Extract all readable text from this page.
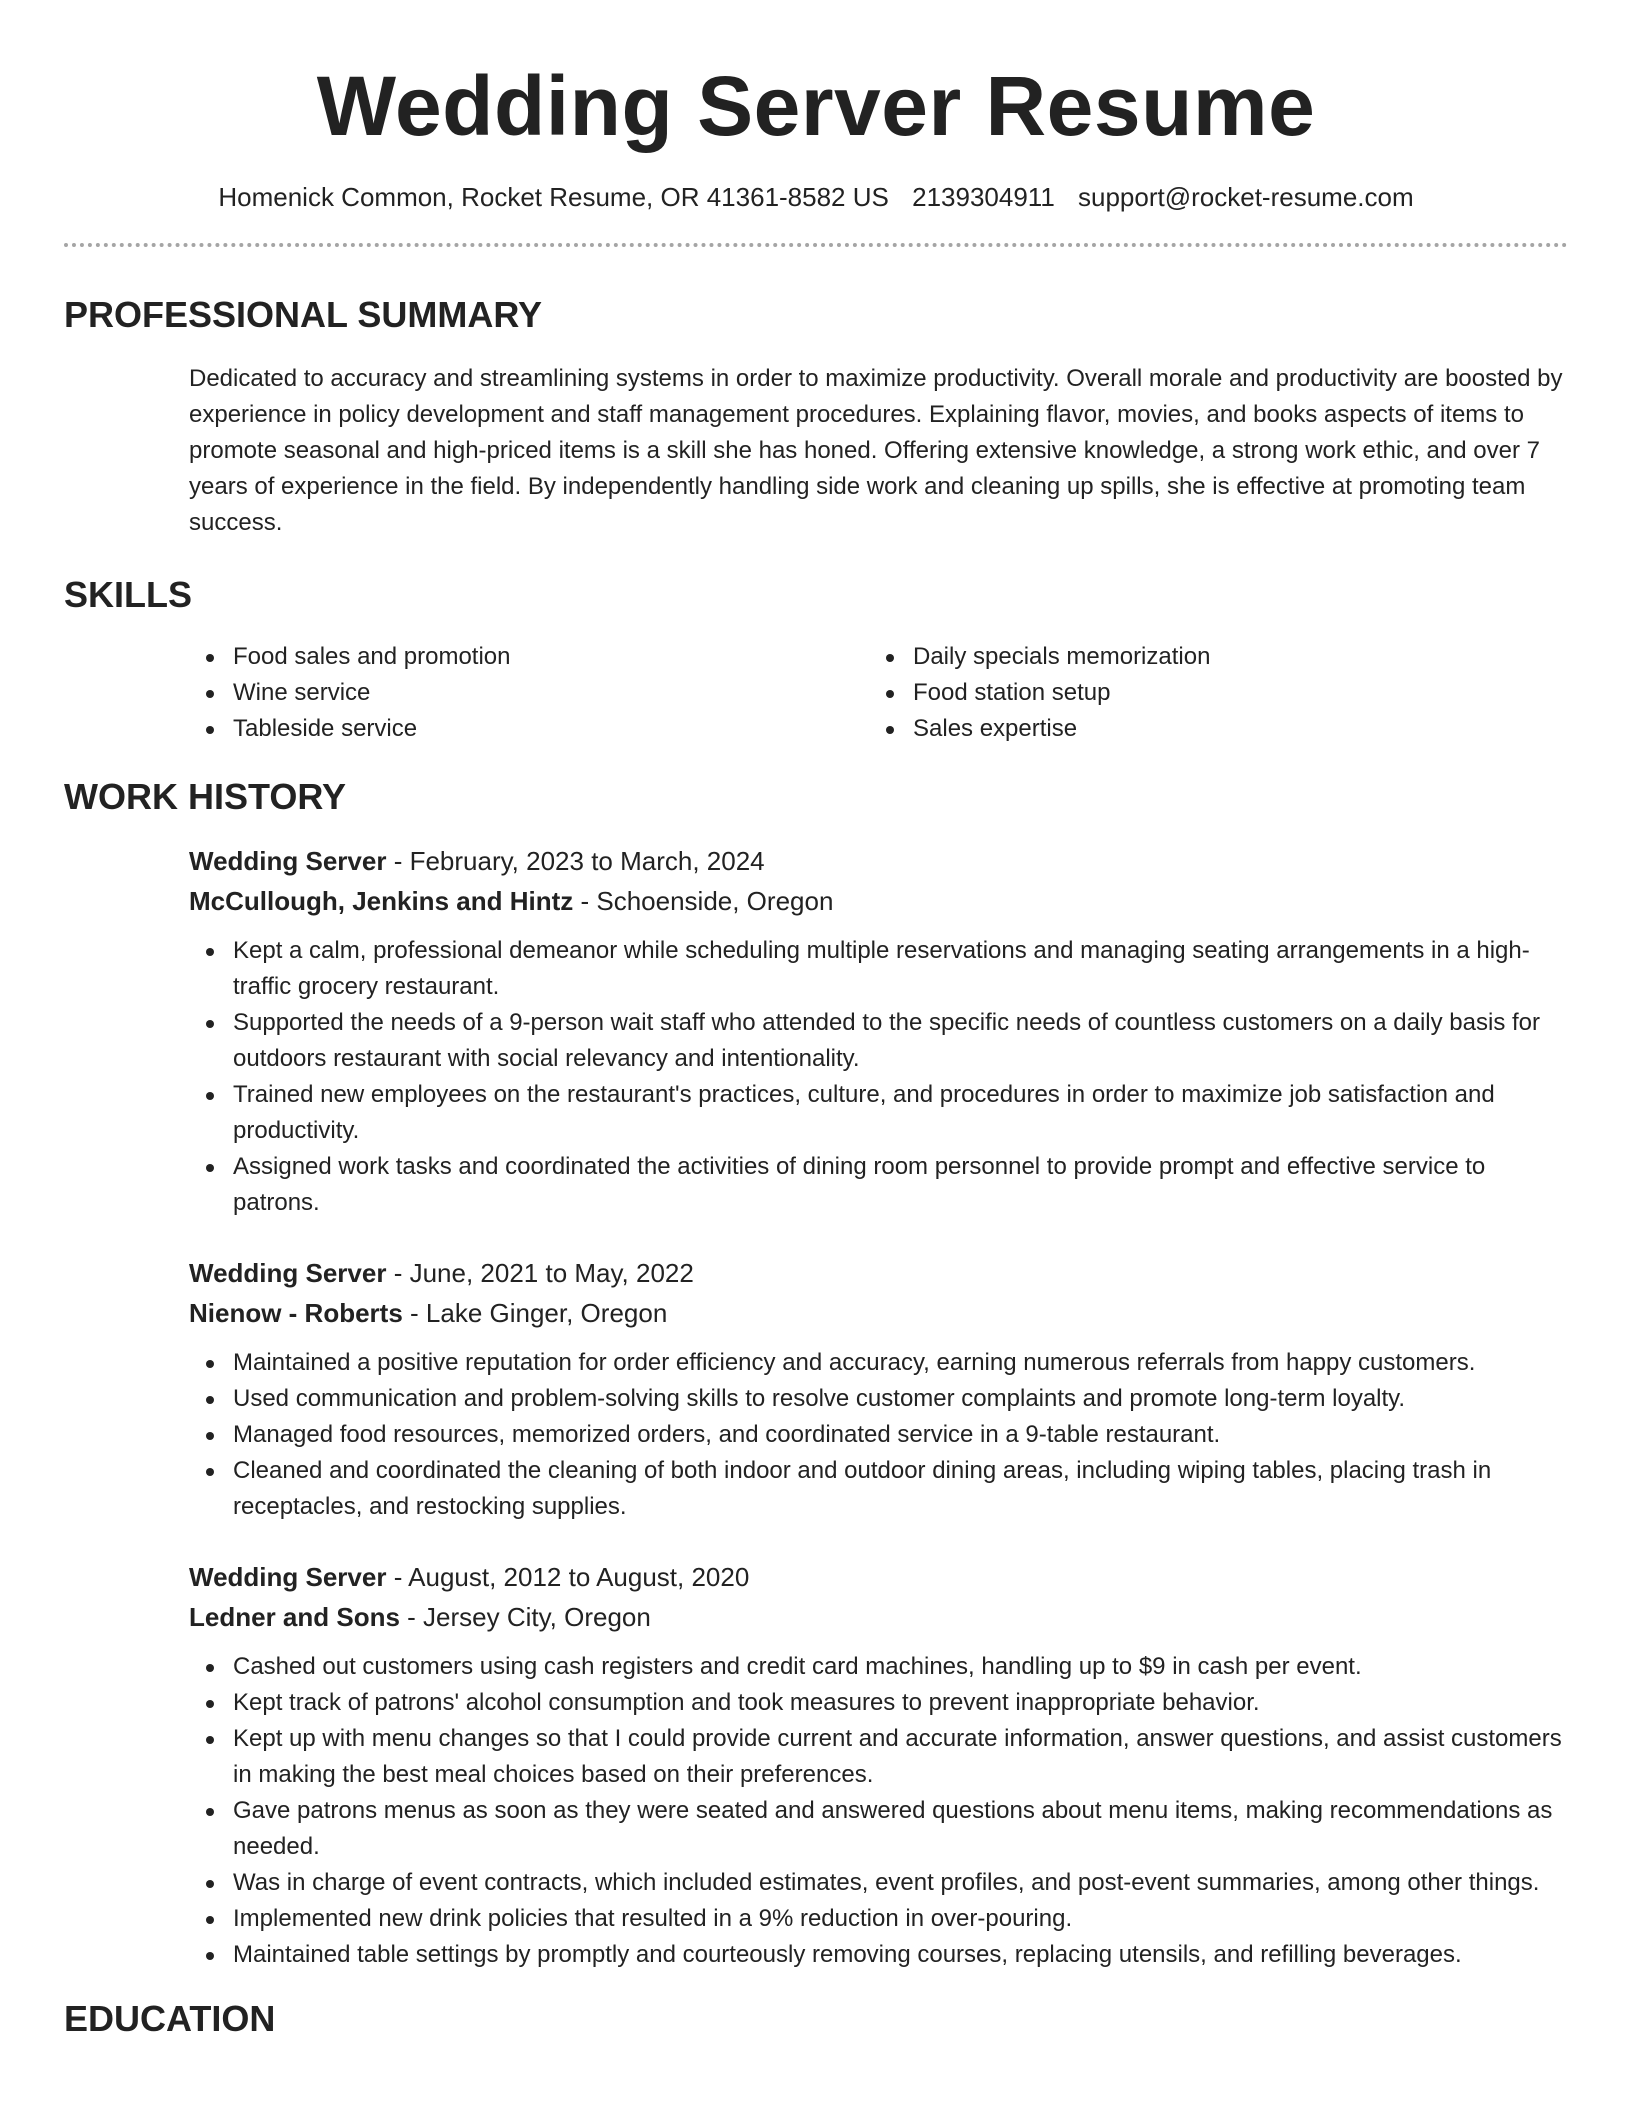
Wedding Server Resume
Homenick Common, Rocket Resume, OR 41361-8582 US 2139304911 support@rocket-resume.com
PROFESSIONAL SUMMARY
Dedicated to accuracy and streamlining systems in order to maximize productivity. Overall morale and productivity are boosted by experience in policy development and staff management procedures. Explaining flavor, movies, and books aspects of items to promote seasonal and high-priced items is a skill she has honed. Offering extensive knowledge, a strong work ethic, and over 7 years of experience in the field. By independently handling side work and cleaning up spills, she is effective at promoting team success.
SKILLS
Food sales and promotion
Wine service
Tableside service
Daily specials memorization
Food station setup
Sales expertise
WORK HISTORY
Wedding Server - February, 2023 to March, 2024
McCullough, Jenkins and Hintz - Schoenside, Oregon
Kept a calm, professional demeanor while scheduling multiple reservations and managing seating arrangements in a high-traffic grocery restaurant.
Supported the needs of a 9-person wait staff who attended to the specific needs of countless customers on a daily basis for outdoors restaurant with social relevancy and intentionality.
Trained new employees on the restaurant's practices, culture, and procedures in order to maximize job satisfaction and productivity.
Assigned work tasks and coordinated the activities of dining room personnel to provide prompt and effective service to patrons.
Wedding Server - June, 2021 to May, 2022
Nienow - Roberts - Lake Ginger, Oregon
Maintained a positive reputation for order efficiency and accuracy, earning numerous referrals from happy customers.
Used communication and problem-solving skills to resolve customer complaints and promote long-term loyalty.
Managed food resources, memorized orders, and coordinated service in a 9-table restaurant.
Cleaned and coordinated the cleaning of both indoor and outdoor dining areas, including wiping tables, placing trash in receptacles, and restocking supplies.
Wedding Server - August, 2012 to August, 2020
Ledner and Sons - Jersey City, Oregon
Cashed out customers using cash registers and credit card machines, handling up to $9 in cash per event.
Kept track of patrons' alcohol consumption and took measures to prevent inappropriate behavior.
Kept up with menu changes so that I could provide current and accurate information, answer questions, and assist customers in making the best meal choices based on their preferences.
Gave patrons menus as soon as they were seated and answered questions about menu items, making recommendations as needed.
Was in charge of event contracts, which included estimates, event profiles, and post-event summaries, among other things.
Implemented new drink policies that resulted in a 9% reduction in over-pouring.
Maintained table settings by promptly and courteously removing courses, replacing utensils, and refilling beverages.
EDUCATION
